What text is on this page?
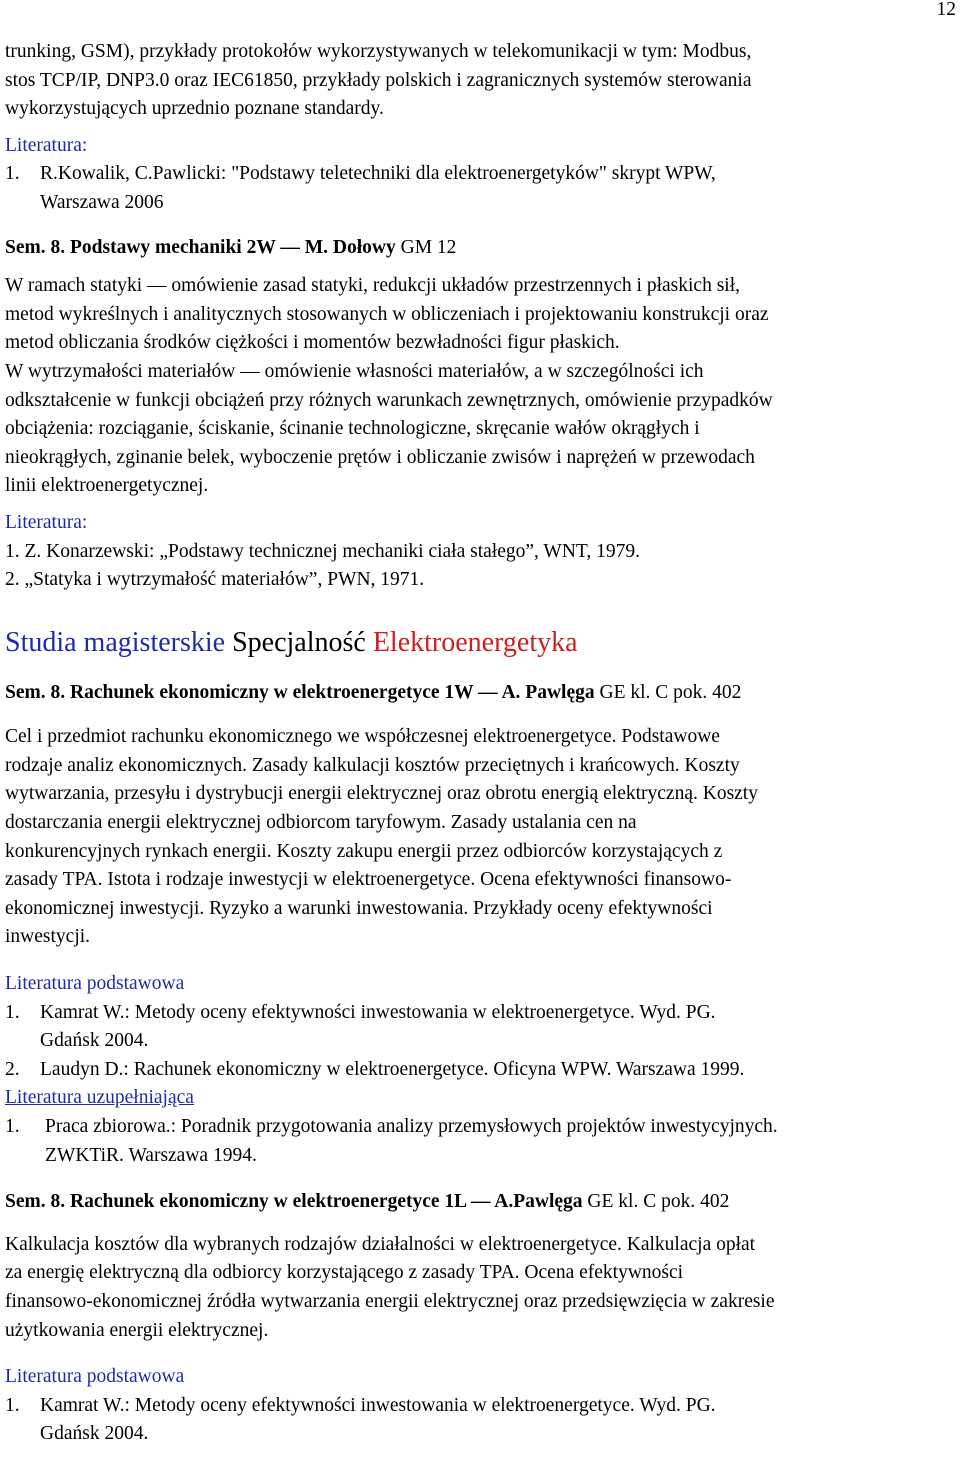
12
trunking, GSM), przykłady protokołów wykorzystywanych w telekomunikacji w tym: Modbus,
stos TCP/IP, DNP3.0 oraz IEC61850, przykłady polskich i zagranicznych systemów sterowania
wykorzystujących uprzednio poznane standardy.
Literatura:
1. R.Kowalik, C.Pawlicki: "Podstawy teletechniki dla elektroenergetyków" skrypt WPW,
Warszawa 2006
Sem. 8. Podstawy mechaniki 2W — M. Dołowy GM 12
W ramach statyki — omówienie zasad statyki, redukcji układów przestrzennych i płaskich sił,
metod wykreślnych i analitycznych stosowanych w obliczeniach i projektowaniu konstrukcji oraz
metod obliczania środków ciężkości i momentów bezwładności figur płaskich.
W wytrzymałości materiałów — omówienie własności materiałów, a w szczególności ich
odkształcenie w funkcji obciążeń przy różnych warunkach zewnętrznych, omówienie przypadków
obciążenia: rozciąganie, ściskanie, ścinanie technologiczne, skręcanie wałów okrągłych i
nieokrągłych, zginanie belek, wyboczenie prętów i obliczanie zwisów i naprężeń w przewodach
linii elektroenergetycznej.
Literatura:
1. Z. Konarzewski: „Podstawy technicznej mechaniki ciała stałego”, WNT, 1979.
2. „Statyka i wytrzymałość materiałów”, PWN, 1971.
Studia magisterskie Specjalność Elektroenergetyka
Sem. 8. Rachunek ekonomiczny w elektroenergetyce 1W — A. Pawlęga GE kl. C pok. 402
Cel i przedmiot rachunku ekonomicznego we współczesnej elektroenergetyce. Podstawowe
rodzaje analiz ekonomicznych. Zasady kalkulacji kosztów przeciętnych i krańcowych. Koszty
wytwarzania, przesyłu i dystrybucji energii elektrycznej oraz obrotu energią elektryczną. Koszty
dostarczania energii elektrycznej odbiorcom taryfowym. Zasady ustalania cen na
konkurencyjnych rynkach energii. Koszty zakupu energii przez odbiorców korzystających z
zasady TPA. Istota i rodzaje inwestycji w elektroenergetyce. Ocena efektywności finansowo-
ekonomicznej inwestycji. Ryzyko a warunki inwestowania. Przykłady oceny efektywności
inwestycji.
Literatura podstawowa
1. Kamrat W.: Metody oceny efektywności inwestowania w elektroenergetyce. Wyd. PG.
Gdańsk 2004.
2. Laudyn D.: Rachunek ekonomiczny w elektroenergetyce. Oficyna WPW. Warszawa 1999.
Literatura uzupełniająca
1. Praca zbiorowa.: Poradnik przygotowania analizy przemysłowych projektów inwestycyjnych.
ZWKTiR. Warszawa 1994.
Sem. 8. Rachunek ekonomiczny w elektroenergetyce 1L — A.Pawlęga GE kl. C pok. 402
Kalkulacja kosztów dla wybranych rodzajów działalności w elektroenergetyce. Kalkulacja opłat
za energię elektryczną dla odbiorcy korzystającego z zasady TPA. Ocena efektywności
finansowo-ekonomicznej źródła wytwarzania energii elektrycznej oraz przedsięwzięcia w zakresie
użytkowania energii elektrycznej.
Literatura podstawowa
1. Kamrat W.: Metody oceny efektywności inwestowania w elektroenergetyce. Wyd. PG.
Gdańsk 2004.
